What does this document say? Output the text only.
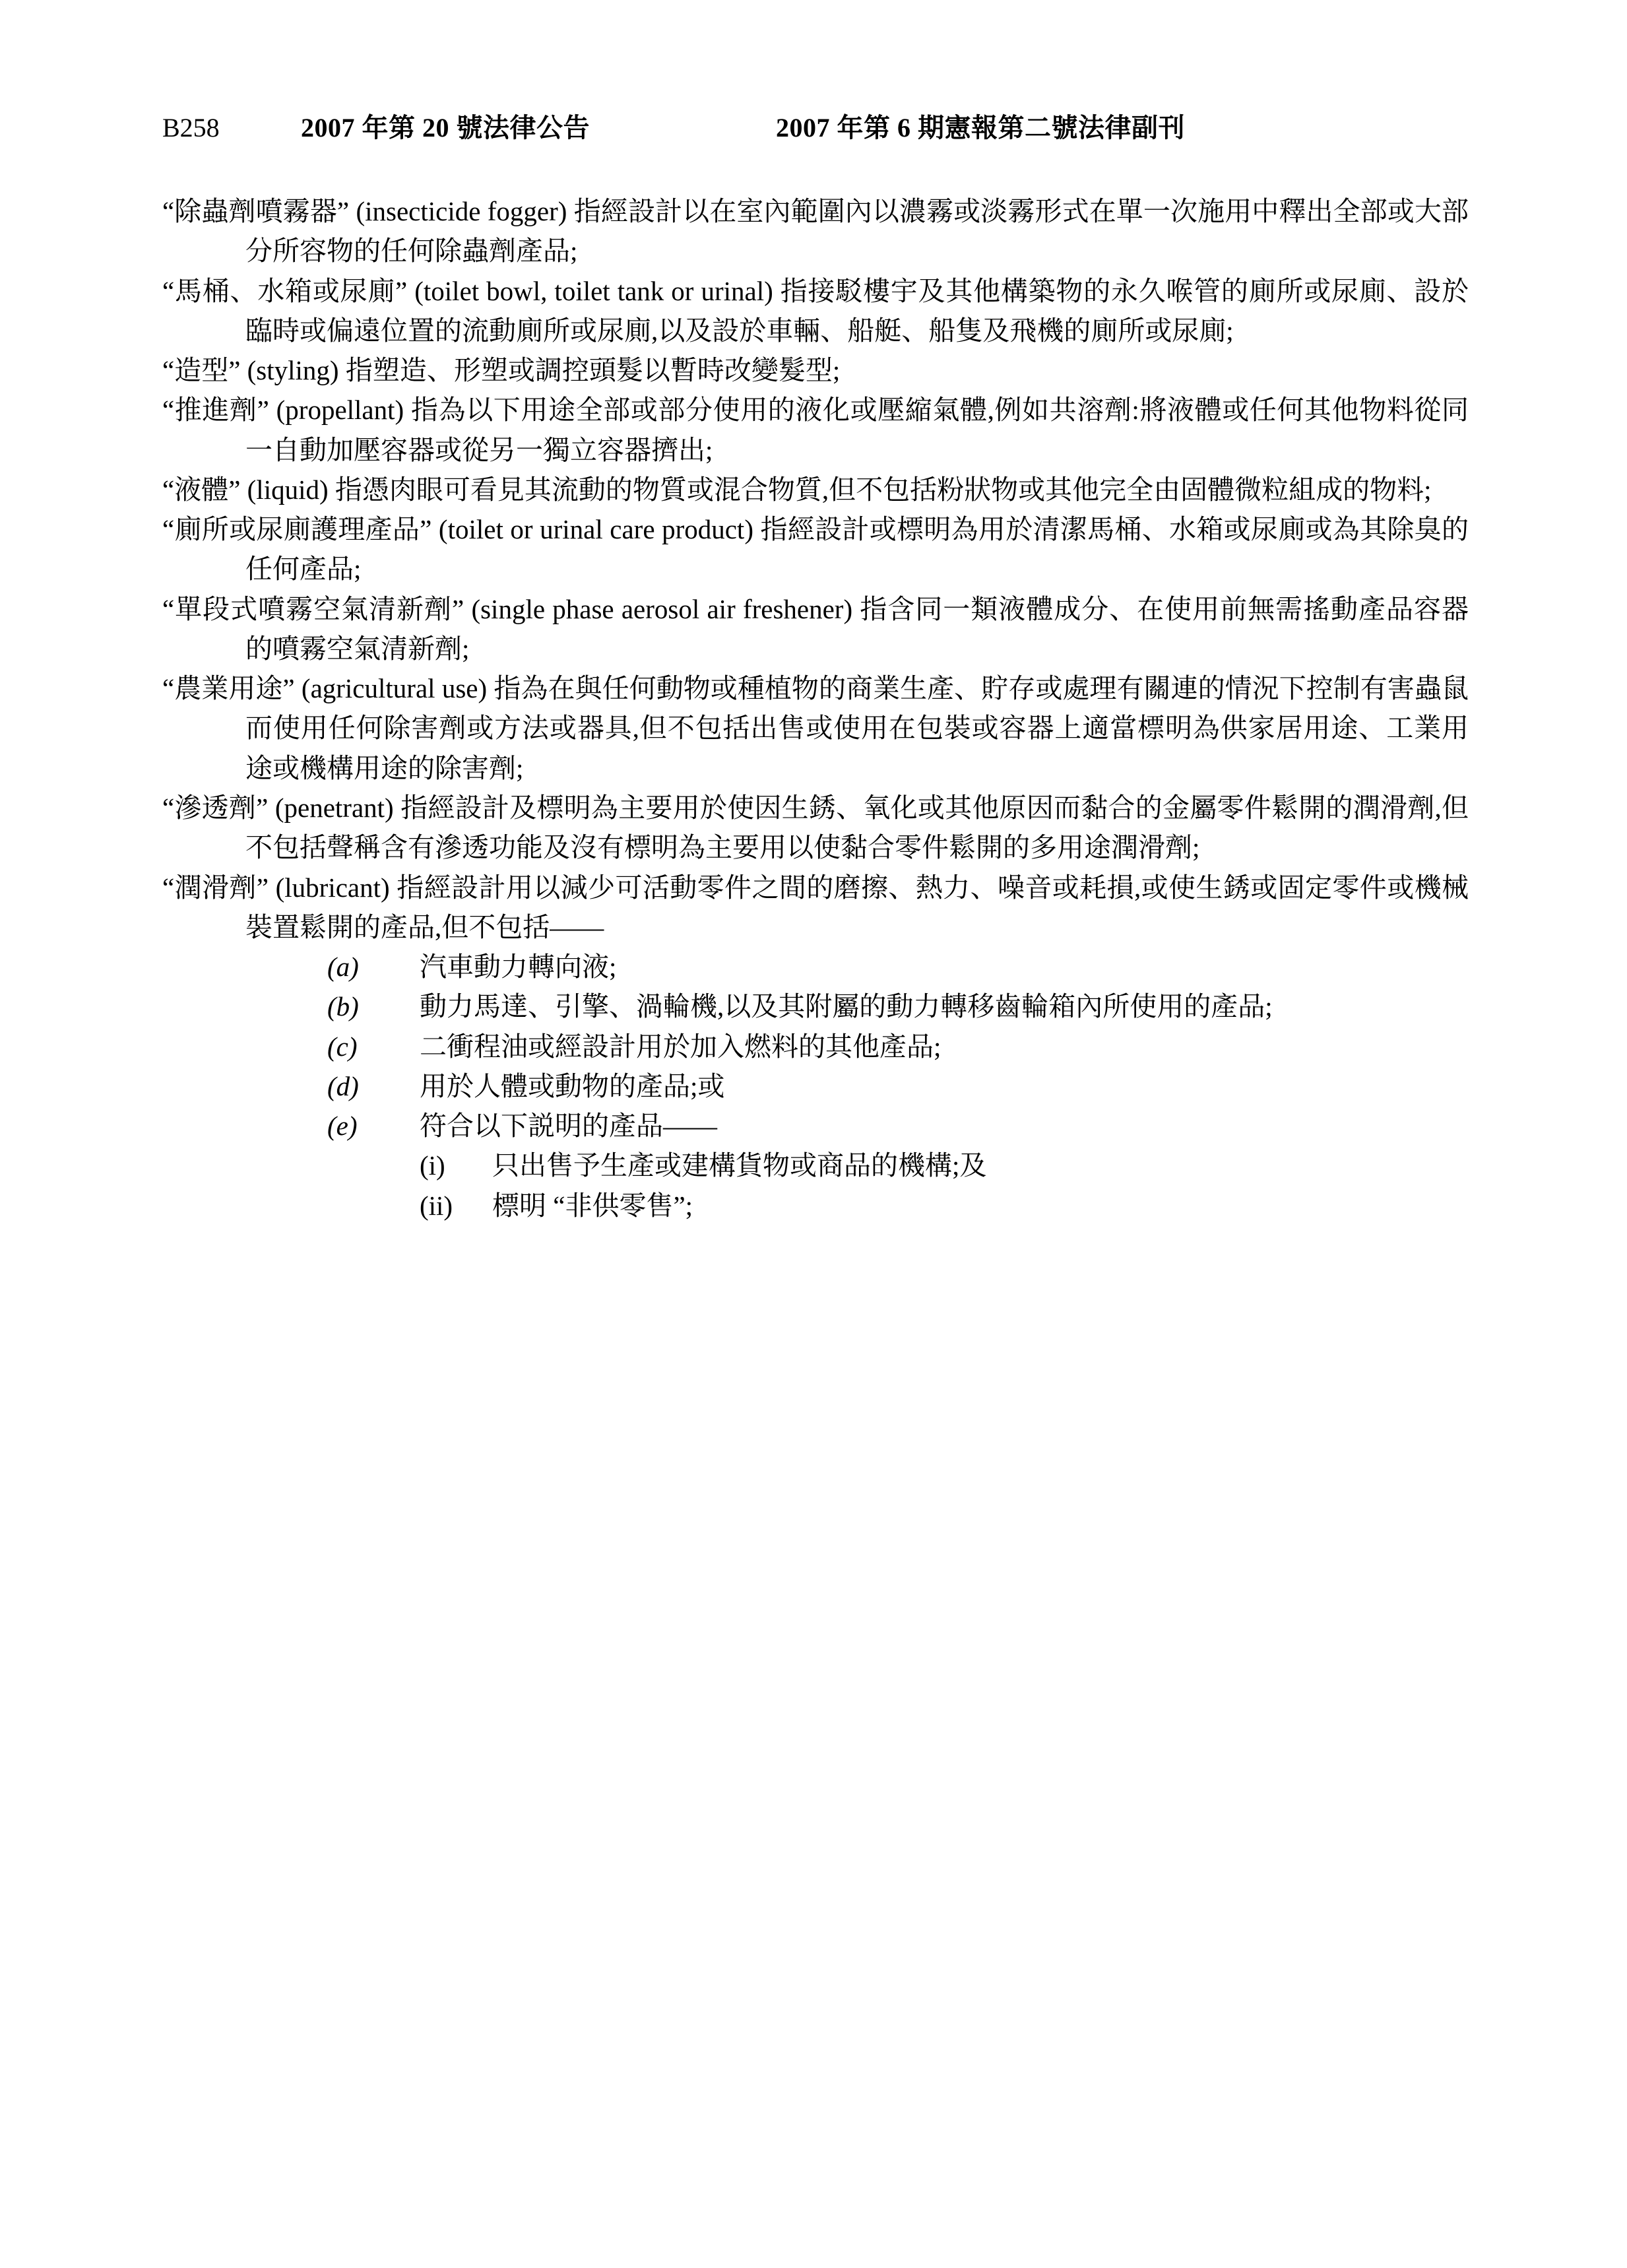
B258	2007 年第 20 號法律公告	2007 年第 6 期憲報第二號法律副刊

“除蟲劑噴霧器” (insecticide fogger) 指經設計以在室內範圍內以濃霧或淡霧形式在單一次施用中釋出全部或大部分所容物的任何除蟲劑產品;

“馬桶、水箱或尿廁” (toilet bowl, toilet tank or urinal) 指接駁樓宇及其他構築物的永久喉管的廁所或尿廁、設於臨時或偏遠位置的流動廁所或尿廁,以及設於車輛、船艇、船隻及飛機的廁所或尿廁;

“造型” (styling) 指塑造、形塑或調控頭髮以暫時改變髮型;

“推進劑” (propellant) 指為以下用途全部或部分使用的液化或壓縮氣體,例如共溶劑:將液體或任何其他物料從同一自動加壓容器或從另一獨立容器擠出;

“液體” (liquid) 指憑肉眼可看見其流動的物質或混合物質,但不包括粉狀物或其他完全由固體微粒組成的物料;

“廁所或尿廁護理產品” (toilet or urinal care product) 指經設計或標明為用於清潔馬桶、水箱或尿廁或為其除臭的任何產品;

“單段式噴霧空氣清新劑” (single phase aerosol air freshener) 指含同一類液體成分、在使用前無需搖動產品容器的噴霧空氣清新劑;

“農業用途” (agricultural use) 指為在與任何動物或種植物的商業生產、貯存或處理有關連的情況下控制有害蟲鼠而使用任何除害劑或方法或器具,但不包括出售或使用在包裝或容器上適當標明為供家居用途、工業用途或機構用途的除害劑;

“滲透劑” (penetrant) 指經設計及標明為主要用於使因生銹、氧化或其他原因而黏合的金屬零件鬆開的潤滑劑,但不包括聲稱含有滲透功能及沒有標明為主要用以使黏合零件鬆開的多用途潤滑劑;

“潤滑劑” (lubricant) 指經設計用以減少可活動零件之間的磨擦、熱力、噪音或耗損,或使生銹或固定零件或機械裝置鬆開的產品,但不包括——

(a)	汽車動力轉向液;
(b)	動力馬達、引擎、渦輪機,以及其附屬的動力轉移齒輪箱內所使用的產品;
(c)	二衝程油或經設計用於加入燃料的其他產品;
(d)	用於人體或動物的產品;或
(e)	符合以下説明的產品——
(i)	只出售予生產或建構貨物或商品的機構;及
(ii)	標明 “非供零售”;
